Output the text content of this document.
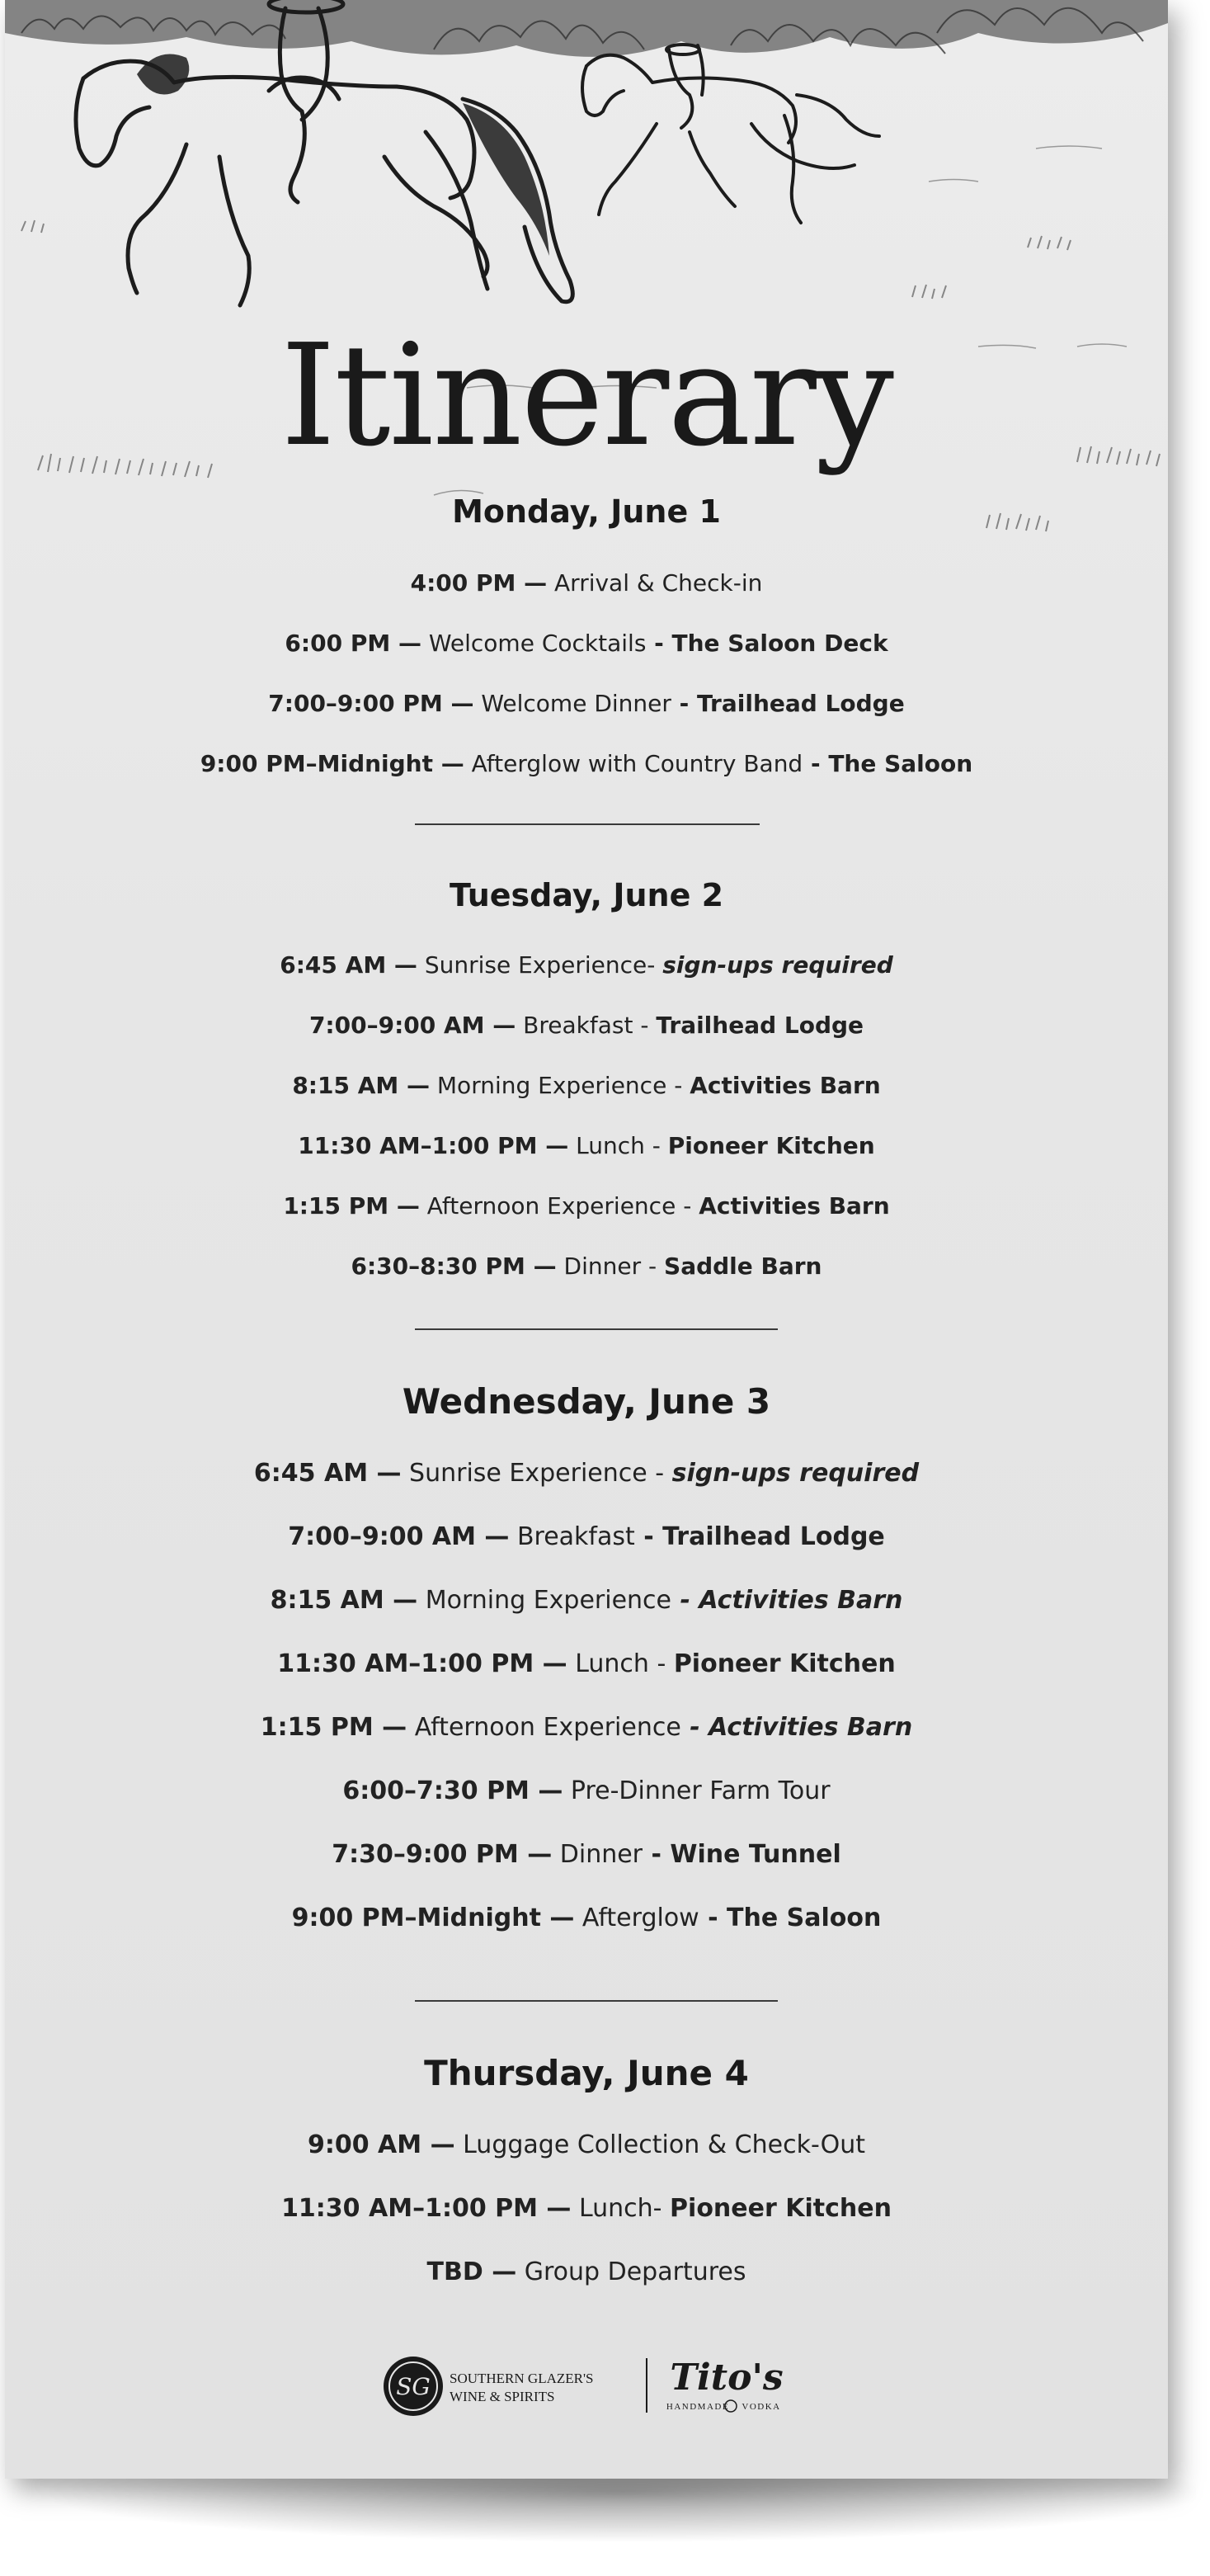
Itinerary
Monday, June 1
4:00 PM — Arrival & Check-in
6:00 PM — Welcome Cocktails - The Saloon Deck
7:00–9:00 PM — Welcome Dinner - Trailhead Lodge
9:00 PM–Midnight — Afterglow with Country Band - The Saloon
Tuesday, June 2
6:45 AM — Sunrise Experience- sign-ups required
7:00–9:00 AM — Breakfast - Trailhead Lodge
8:15 AM — Morning Experience - Activities Barn
11:30 AM–1:00 PM — Lunch - Pioneer Kitchen
1:15 PM — Afternoon Experience - Activities Barn
6:30–8:30 PM — Dinner - Saddle Barn
Wednesday, June 3
6:45 AM — Sunrise Experience - sign-ups required
7:00–9:00 AM — Breakfast - Trailhead Lodge
8:15 AM — Morning Experience - Activities Barn
11:30 AM–1:00 PM — Lunch - Pioneer Kitchen
1:15 PM — Afternoon Experience - Activities Barn
6:00–7:30 PM — Pre-Dinner Farm Tour
7:30–9:00 PM — Dinner - Wine Tunnel
9:00 PM–Midnight — Afterglow - The Saloon
Thursday, June 4
9:00 AM — Luggage Collection & Check-Out
11:30 AM–1:00 PM — Lunch- Pioneer Kitchen
TBD — Group Departures
SG SOUTHERN GLAZER'S
WINE & SPIRITS	Tito's
HANDMADE VODKA
